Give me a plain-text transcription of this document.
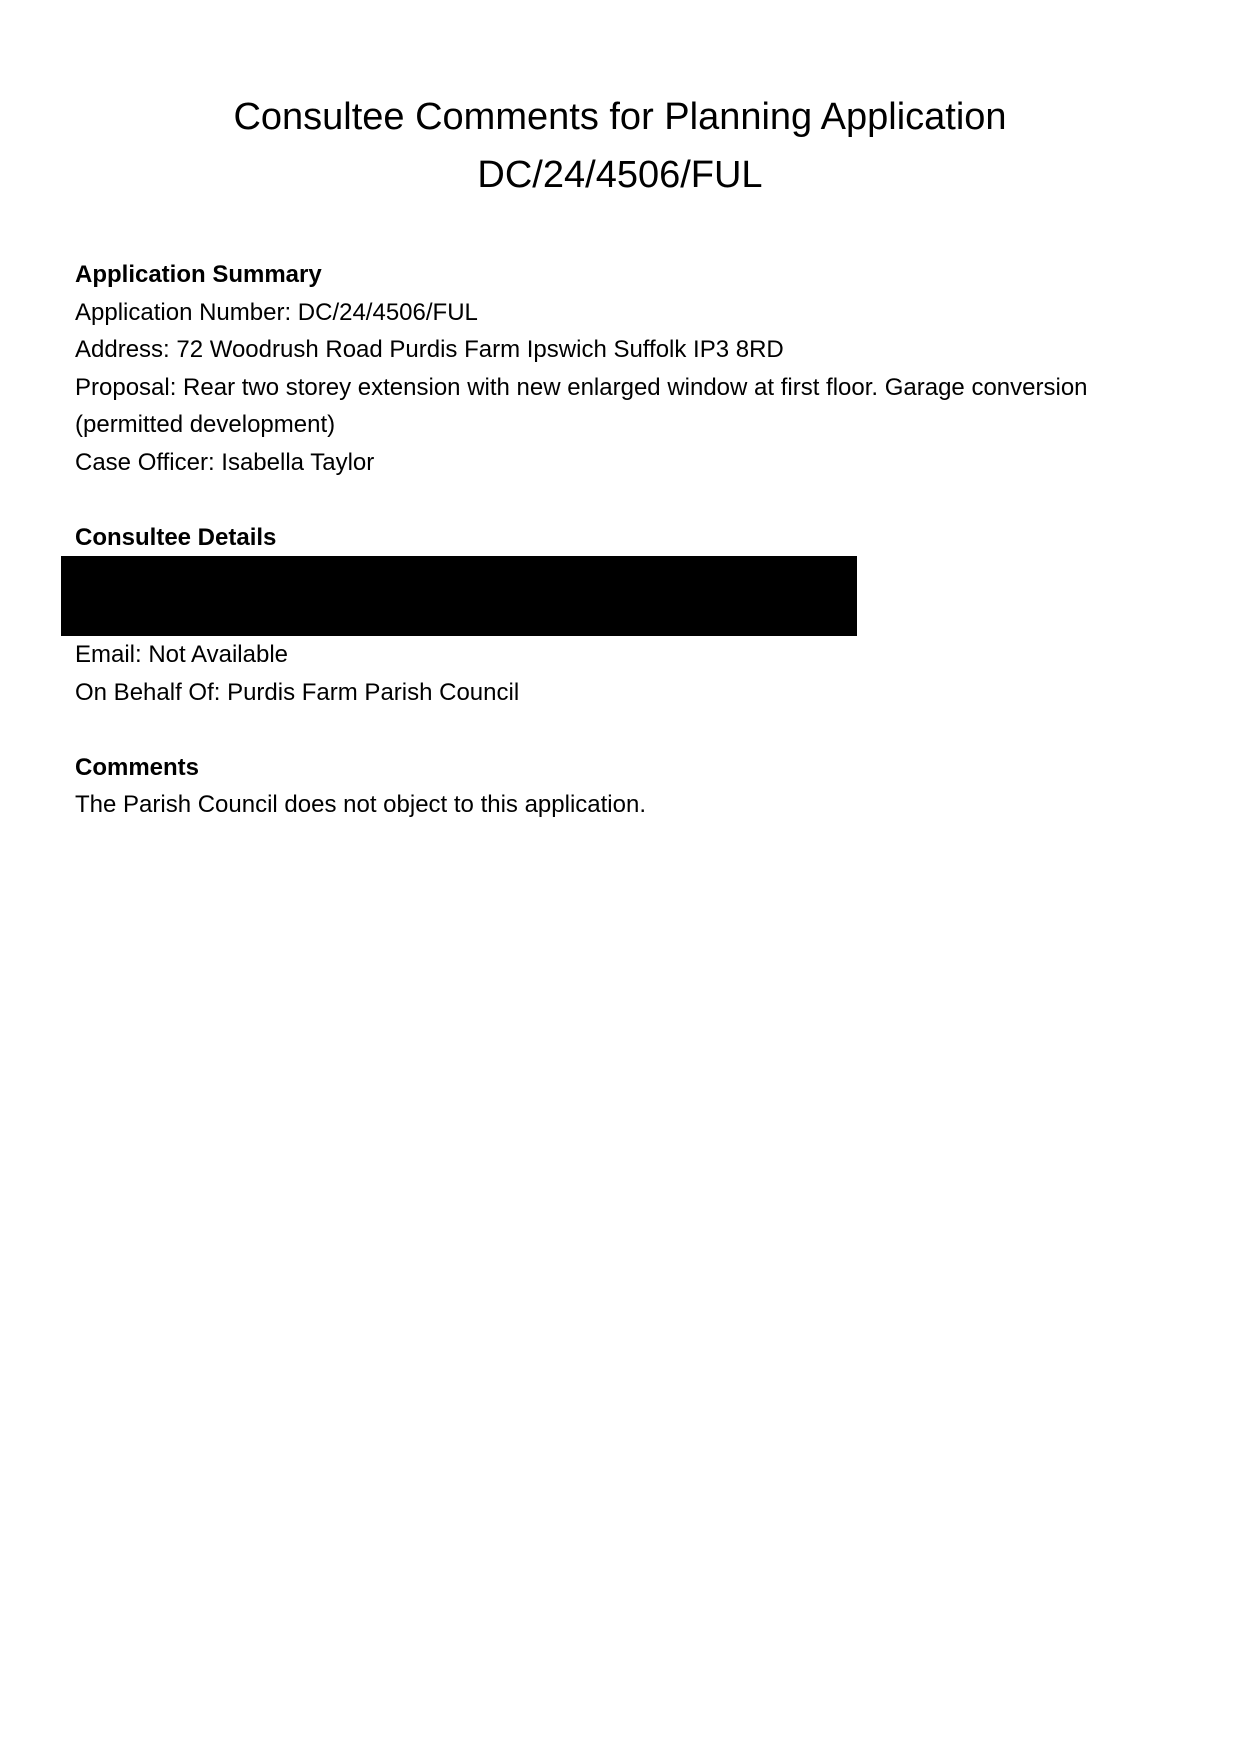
Consultee Comments for Planning Application
DC/24/4506/FUL

Application Summary

Application Number: DC/24/4506/FUL

Address: 72 Woodrush Road Purdis Farm Ipswich Suffolk IP3 8RD

Proposal: Rear two storey extension with new enlarged window at first floor. Garage conversion

(permitted development)

Case Officer: Isabella Taylor

Consultee Details

Email: Not Available

On Behalf Of: Purdis Farm Parish Council

Comments

The Parish Council does not object to this application.
